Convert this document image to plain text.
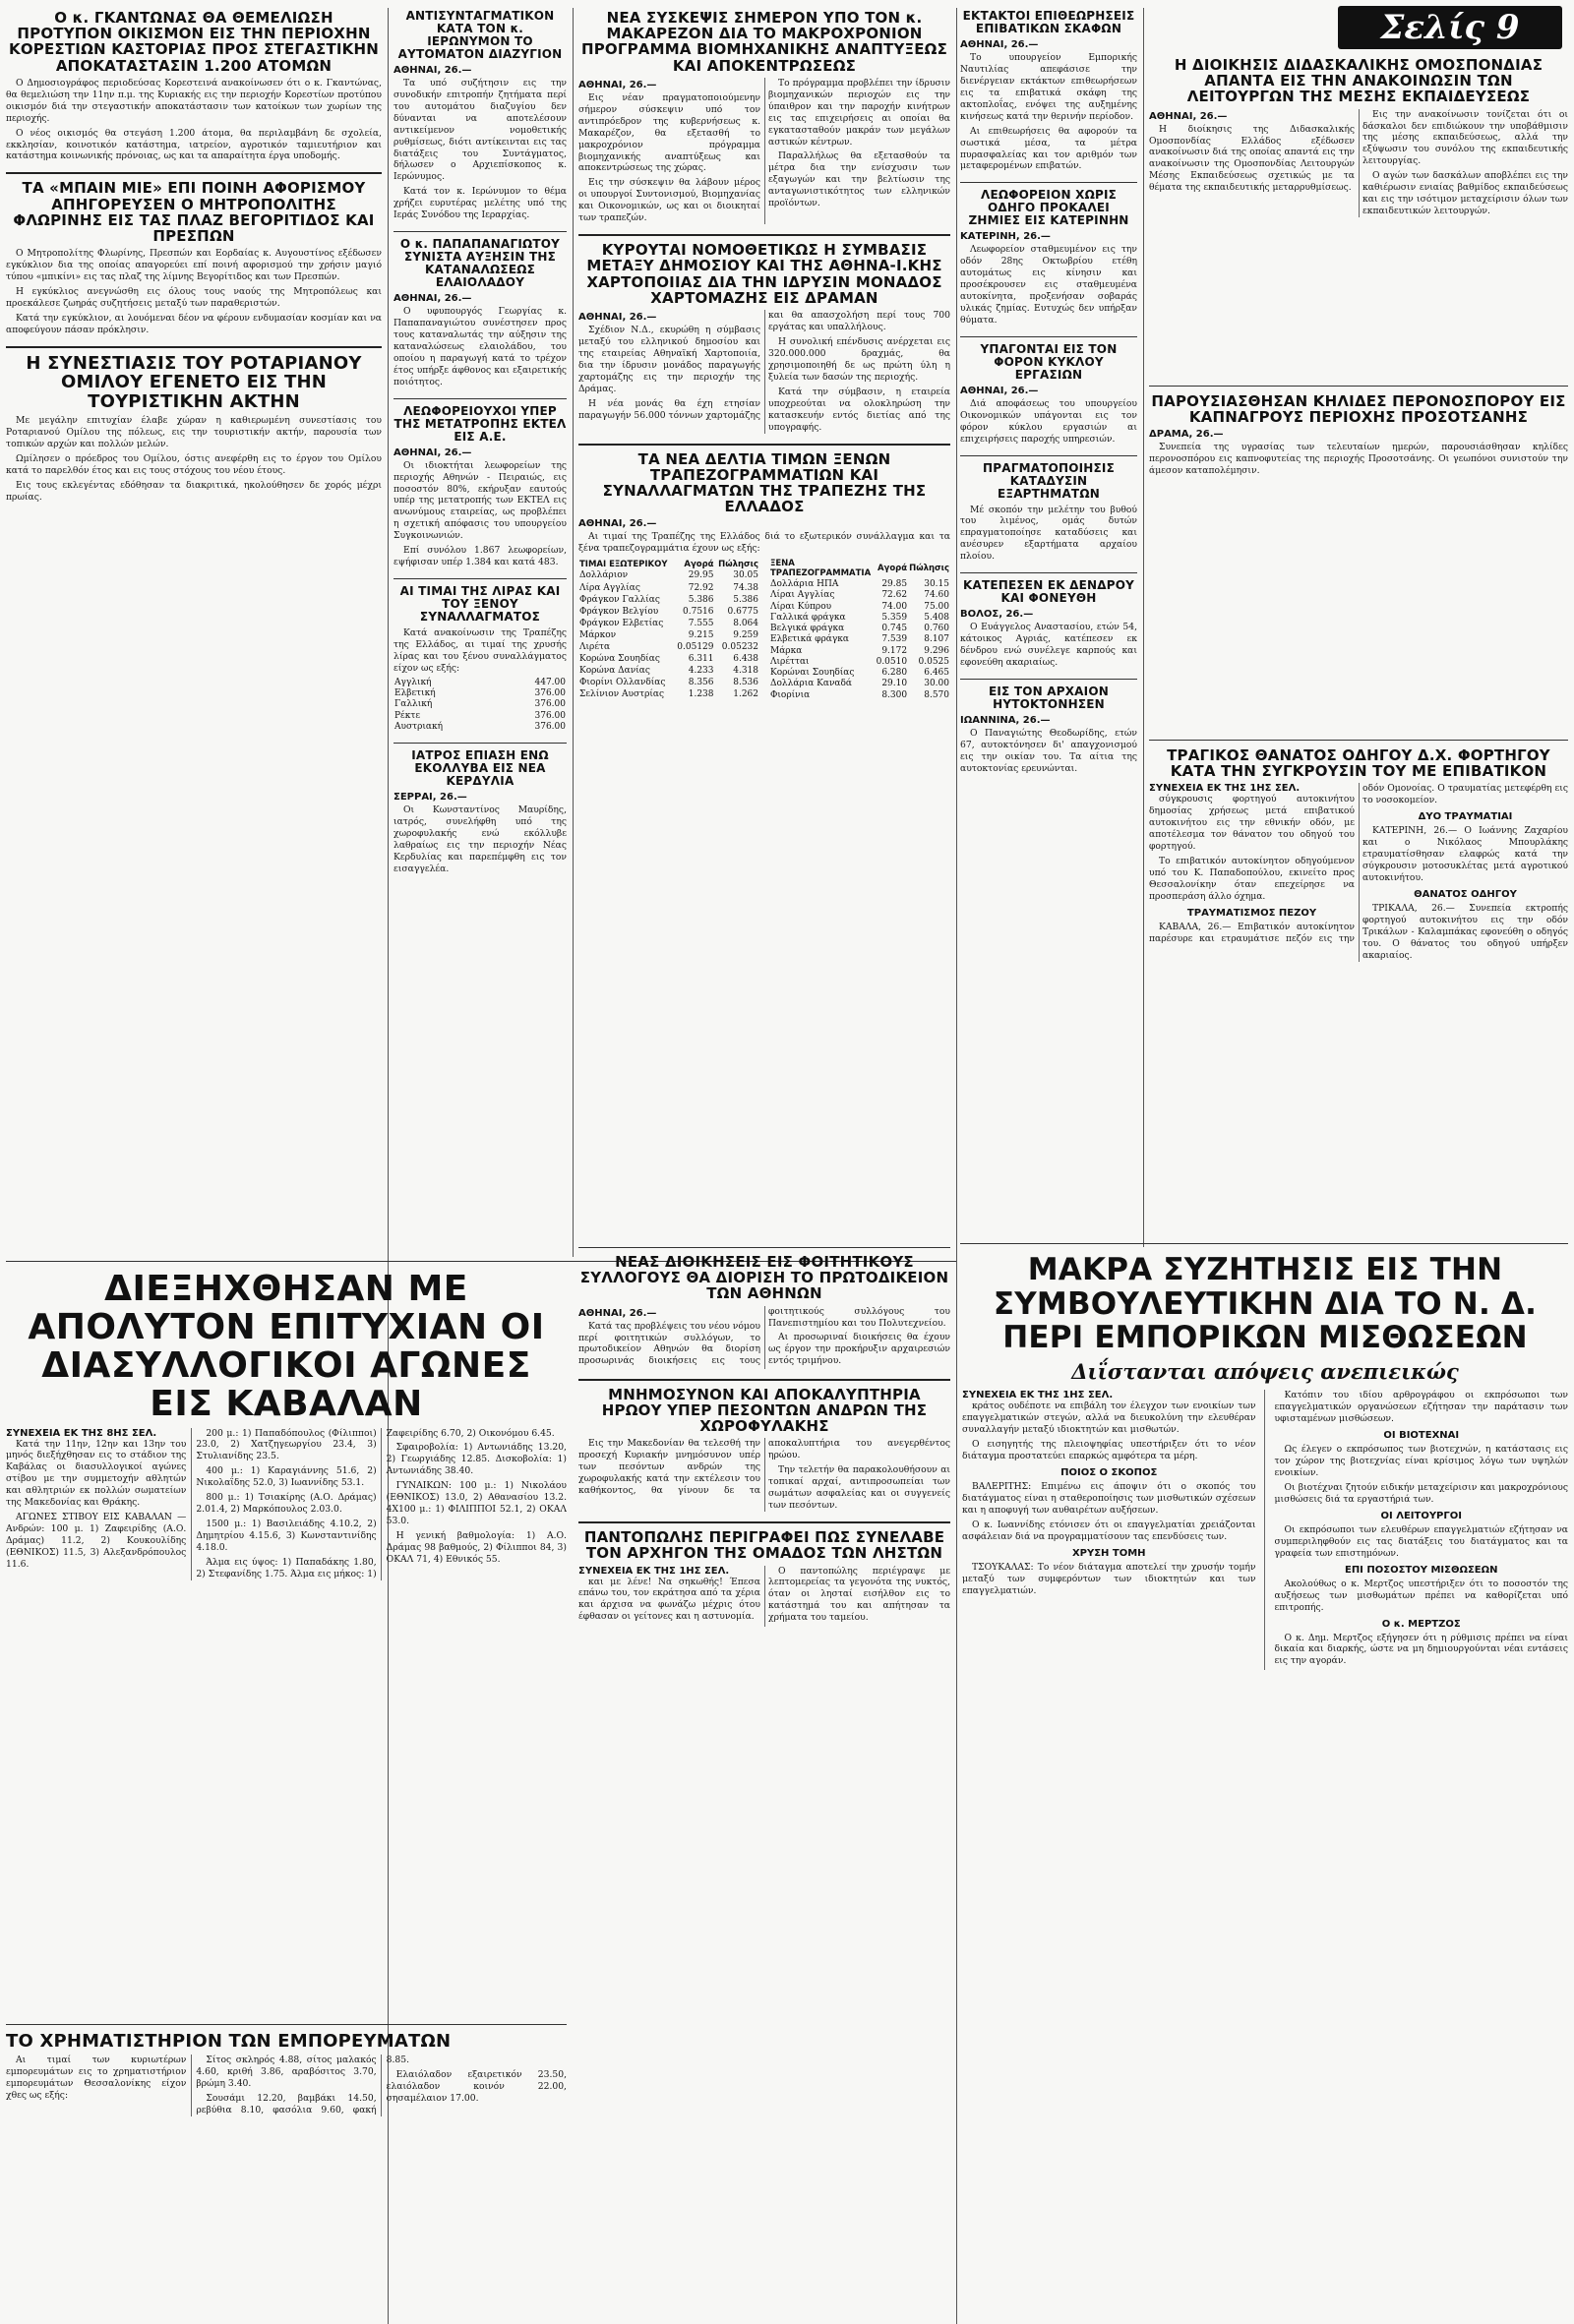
Σελίς 9
Ο κ. ΓΚΑΝΤΩΝΑΣ ΘΑ ΘΕΜΕΛΙΩΣΗ ΠΡΟΤΥΠΟΝ ΟΙΚΙΣΜΟΝ ΕΙΣ ΤΗΝ ΠΕΡΙΟΧΗΝ ΚΟΡΕΣΤΙΩΝ ΚΑΣΤΟΡΙΑΣ ΠΡΟΣ ΣΤΕΓΑΣΤΙΚΗΝ ΑΠΟΚΑΤΑΣΤΑΣΙΝ 1.200 ΑΤΟΜΩΝ

Ο Δημοσιογράφος περιοδεύσας Κορεστεινά ανακοίνωσεν ότι ο κ. Γκαντώνας, θα θεμελιώση την 11ην π.μ. της Κυριακής εις την περιοχήν Κορεστίων προτύπου οικισμόν διά την στεγαστικήν αποκατάστασιν των κατοίκων των χωρίων της περιοχής.

Ο νέος οικισμός θα στεγάση 1.200 άτομα, θα περιλαμβάνη δε σχολεία, εκκλησίαν, κοινοτικόν κατάστημα, ιατρείον, αγροτικόν ταμιευτήριον και κατάστημα κοινωνικής πρόνοιας, ως και τα απαραίτητα έργα υποδομής.

ΤΑ «ΜΠΑΙΝ ΜΙΕ» ΕΠΙ ΠΟΙΝΗ ΑΦΟΡΙΣΜΟΥ ΑΠΗΓΟΡΕΥΣΕΝ Ο ΜΗΤΡΟΠΟΛΙΤΗΣ ΦΛΩΡΙΝΗΣ ΕΙΣ ΤΑΣ ΠΛΑΖ ΒΕΓΟΡΙΤΙΔΟΣ ΚΑΙ ΠΡΕΣΠΩΝ

Ο Μητροπολίτης Φλωρίνης, Πρεσπών και Εορδαίας κ. Αυγουστίνος εξέδωσεν εγκύκλιον δια της οποίας απαγορεύει επί ποινή αφορισμού την χρήσιν μαγιό τύπου «μπικίνι» εις τας πλαζ της λίμνης Βεγορίτιδος και των Πρεσπών.

Η εγκύκλιος ανεγνώσθη εις όλους τους ναούς της Μητροπόλεως και προεκάλεσε ζωηράς συζητήσεις μεταξύ των παραθεριστών.

Κατά την εγκύκλιον, αι λουόμεναι δέον να φέρουν ενδυμασίαν κοσμίαν και να αποφεύγουν πάσαν πρόκλησιν.

Η ΣΥΝΕΣΤΙΑΣΙΣ ΤΟΥ ΡΟΤΑΡΙΑΝΟΥ ΟΜΙΛΟΥ ΕΓΕΝΕΤΟ ΕΙΣ ΤΗΝ ΤΟΥΡΙΣΤΙΚΗΝ ΑΚΤΗΝ

Με μεγάλην επιτυχίαν έλαβε χώραν η καθιερωμένη συνεστίασις του Ροταριανού Ομίλου της πόλεως, εις την τουριστικήν ακτήν, παρουσία των τοπικών αρχών και πολλών μελών.

Ωμίλησεν ο πρόεδρος του Ομίλου, όστις ανεφέρθη εις το έργον του Ομίλου κατά το παρελθόν έτος και εις τους στόχους του νέου έτους.

Εις τους εκλεγέντας εδόθησαν τα διακριτικά, ηκολούθησεν δε χορός μέχρι πρωίας.

ΑΝΤΙΣΥΝΤΑΓΜΑΤΙΚΟΝ ΚΑΤΑ ΤΟΝ κ. ΙΕΡΩΝΥΜΟΝ ΤΟ ΑΥΤΟΜΑΤΟΝ ΔΙΑΖΥΓΙΟΝ
ΑΘΗΝΑΙ, 26.—

Τα υπό συζήτησιν εις την συνοδικήν επιτροπήν ζητήματα περί του αυτομάτου διαζυγίου δεν δύνανται να αποτελέσουν αντικείμενον νομοθετικής ρυθμίσεως, διότι αντίκεινται εις τας διατάξεις του Συντάγματος, δήλωσεν ο Αρχιεπίσκοπος κ. Ιερώνυμος.

Κατά τον κ. Ιερώνυμον το θέμα χρήζει ευρυτέρας μελέτης υπό της Ιεράς Συνόδου της Ιεραρχίας.

Ο κ. ΠΑΠΑΠΑΝΑΓΙΩΤΟΥ ΣΥΝΙΣΤΑ ΑΥΞΗΣΙΝ ΤΗΣ ΚΑΤΑΝΑΛΩΣΕΩΣ ΕΛΑΙΟΛΑΔΟΥ
ΑΘΗΝΑΙ, 26.—

Ο υφυπουργός Γεωργίας κ. Παπαπαναγιώτου συνέστησεν προς τους καταναλωτάς την αύξησιν της καταναλώσεως ελαιολάδου, του οποίου η παραγωγή κατά το τρέχον έτος υπήρξε άφθονος και εξαιρετικής ποιότητος.

ΛΕΩΦΟΡΕΙΟΥΧΟΙ ΥΠΕΡ ΤΗΣ ΜΕΤΑΤΡΟΠΗΣ ΕΚΤΕΛ ΕΙΣ Α.Ε.
ΑΘΗΝΑΙ, 26.—

Οι ιδιοκτήται λεωφορείων της περιοχής Αθηνών - Πειραιώς, εις ποσοστόν 80%, εκήρυξαν εαυτούς υπέρ της μετατροπής των ΕΚΤΕΛ εις ανωνύμους εταιρείας, ως προβλέπει η σχετική απόφασις του υπουργείου Συγκοινωνιών.

Επί συνόλου 1.867 λεωφορείων, εψήφισαν υπέρ 1.384 και κατά 483.

ΑΙ ΤΙΜΑΙ ΤΗΣ ΛΙΡΑΣ ΚΑΙ ΤΟΥ ΞΕΝΟΥ ΣΥΝΑΛΛΑΓΜΑΤΟΣ

Κατά ανακοίνωσιν της Τραπέζης της Ελλάδος, αι τιμαί της χρυσής λίρας και του ξένου συναλλάγματος είχον ως εξής:

Αγγλική	447.00
Ελβετική	376.00
Γαλλική	376.00
Ρέκτε	376.00
Αυστριακή	376.00
ΙΑΤΡΟΣ ΕΠΙΑΣΗ ΕΝΩ ΕΚΟΛΛΥΒΑ ΕΙΣ ΝΕΑ ΚΕΡΔΥΛΙΑ
ΣΕΡΡΑΙ, 26.—

Οι Κωνσταντίνος Μαυρίδης, ιατρός, συνελήφθη υπό της χωροφυλακής ενώ εκόλλυβε λαθραίως εις την περιοχήν Νέας Κερδυλίας και παρεπέμφθη εις τον εισαγγελέα.

ΔΙΕΞΗΧΘΗΣΑΝ ΜΕ ΑΠΟΛΥΤΟΝ ΕΠΙΤΥΧΙΑΝ ΟΙ ΔΙΑΣΥΛΛΟΓΙΚΟΙ ΑΓΩΝΕΣ ΕΙΣ ΚΑΒΑΛΑΝ
ΣΥΝΕΧΕΙΑ ΕΚ ΤΗΣ 8ΗΣ ΣΕΛ.

Κατά την 11ην, 12ην και 13ην του μηνός διεξήχθησαν εις το στάδιον της Καβάλας οι διασυλλογικοί αγώνες στίβου με την συμμετοχήν αθλητών και αθλητριών εκ πολλών σωματείων της Μακεδονίας και Θράκης.

ΑΓΩΝΕΣ ΣΤΙΒΟΥ ΕΙΣ ΚΑΒΑΛΑΝ — Ανδρών: 100 μ. 1) Ζαφειρίδης (Α.Ο. Δράμας) 11.2, 2) Κουκουλίδης (ΕΘΝΙΚΟΣ) 11.5, 3) Αλεξανδρόπουλος 11.6.

200 μ.: 1) Παπαδόπουλος (Φίλιπποι) 23.0, 2) Χατζηγεωργίου 23.4, 3) Στυλιανίδης 23.5.

400 μ.: 1) Καραγιάννης 51.6, 2) Νικολαΐδης 52.0, 3) Ιωαννίδης 53.1.

800 μ.: 1) Τσιακίρης (Α.Ο. Δράμας) 2.01.4, 2) Μαρκόπουλος 2.03.0.

1500 μ.: 1) Βασιλειάδης 4.10.2, 2) Δημητρίου 4.15.6, 3) Κωνσταντινίδης 4.18.0.

Άλμα εις ύψος: 1) Παπαδάκης 1.80, 2) Στεφανίδης 1.75. Άλμα εις μήκος: 1) Ζαφειρίδης 6.70, 2) Οικονόμου 6.45.

Σφαιροβολία: 1) Αντωνιάδης 13.20, 2) Γεωργιάδης 12.85. Δισκοβολία: 1) Αντωνιάδης 38.40.

ΓΥΝΑΙΚΩΝ: 100 μ.: 1) Νικολάου (ΕΘΝΙΚΟΣ) 13.0, 2) Αθανασίου 13.2. 4Χ100 μ.: 1) ΦΙΛΙΠΠΟΙ 52.1, 2) ΟΚΑΛ 53.0.

Η γενική βαθμολογία: 1) Α.Ο. Δράμας 98 βαθμούς, 2) Φίλιπποι 84, 3) ΟΚΑΛ 71, 4) Εθνικός 55.

ΤΟ ΧΡΗΜΑΤΙΣΤΗΡΙΟΝ ΤΩΝ ΕΜΠΟΡΕΥΜΑΤΩΝ

Αι τιμαί των κυριωτέρων εμπορευμάτων εις το χρηματιστήριον εμπορευμάτων Θεσσαλονίκης είχον χθες ως εξής:

Σίτος σκληρός 4.88, σίτος μαλακός 4.60, κριθή 3.86, αραβόσιτος 3.70, βρώμη 3.40.

Σουσάμι 12.20, βαμβάκι 14.50, ρεβύθια 8.10, φασόλια 9.60, φακή 8.85.

Ελαιόλαδον εξαιρετικόν 23.50, ελαιόλαδον κοινόν 22.00, σησαμέλαιον 17.00.

ΝΕΑ ΣΥΣΚΕΨΙΣ ΣΗΜΕΡΟΝ ΥΠΟ ΤΟΝ κ. ΜΑΚΑΡΕΖΟΝ ΔΙΑ ΤΟ ΜΑΚΡΟΧΡΟΝΙΟΝ ΠΡΟΓΡΑΜΜΑ ΒΙΟΜΗΧΑΝΙΚΗΣ ΑΝΑΠΤΥΞΕΩΣ ΚΑΙ ΑΠΟΚΕΝΤΡΩΣΕΩΣ
ΑΘΗΝΑΙ, 26.—

Εις νέαν πραγματοποιούμενην σήμερον σύσκεψιν υπό τον αντιπρόεδρον της κυβερνήσεως κ. Μακαρέζον, θα εξετασθή το μακροχρόνιον πρόγραμμα βιομηχανικής αναπτύξεως και αποκεντρώσεως της χώρας.

Εις την σύσκεψιν θα λάβουν μέρος οι υπουργοί Συντονισμού, Βιομηχανίας και Οικονομικών, ως και οι διοικηταί των τραπεζών.

Το πρόγραμμα προβλέπει την ίδρυσιν βιομηχανικών περιοχών εις την ύπαιθρον και την παροχήν κινήτρων εις τας επιχειρήσεις αι οποίαι θα εγκατασταθούν μακράν των μεγάλων αστικών κέντρων.

Παραλλήλως θα εξετασθούν τα μέτρα δια την ενίσχυσιν των εξαγωγών και την βελτίωσιν της ανταγωνιστικότητος των ελληνικών προϊόντων.

ΚΥΡΟΥΤΑΙ ΝΟΜΟΘΕΤΙΚΩΣ Η ΣΥΜΒΑΣΙΣ ΜΕΤΑΞΥ ΔΗΜΟΣΙΟΥ ΚΑΙ ΤΗΣ ΑΘΗΝΑ-Ι.ΚΗΣ ΧΑΡΤΟΠΟΙΙΑΣ ΔΙΑ ΤΗΝ ΙΔΡΥΣΙΝ ΜΟΝΑΔΟΣ ΧΑΡΤΟΜΑΖΗΣ ΕΙΣ ΔΡΑΜΑΝ
ΑΘΗΝΑΙ, 26.—

Σχέδιον Ν.Δ., εκυρώθη η σύμβασις μεταξύ του ελληνικού δημοσίου και της εταιρείας Αθηναϊκή Χαρτοποιία, δια την ίδρυσιν μονάδος παραγωγής χαρτομάζης εις την περιοχήν της Δράμας.

Η νέα μονάς θα έχη ετησίαν παραγωγήν 56.000 τόννων χαρτομάζης και θα απασχολήση περί τους 700 εργάτας και υπαλλήλους.

Η συνολική επένδυσις ανέρχεται εις 320.000.000 δραχμάς, θα χρησιμοποιηθή δε ως πρώτη ύλη η ξυλεία των δασών της περιοχής.

Κατά την σύμβασιν, η εταιρεία υποχρεούται να ολοκληρώση την κατασκευήν εντός διετίας από της υπογραφής.

ΤΑ ΝΕΑ ΔΕΛΤΙΑ ΤΙΜΩΝ ΞΕΝΩΝ ΤΡΑΠΕΖΟΓΡΑΜΜΑΤΙΩΝ ΚΑΙ ΣΥΝΑΛΛΑΓΜΑΤΩΝ ΤΗΣ ΤΡΑΠΕΖΗΣ ΤΗΣ ΕΛΛΑΔΟΣ
ΑΘΗΝΑΙ, 26.—

Αι τιμαί της Τραπέζης της Ελλάδος διά το εξωτερικόν συνάλλαγμα και τα ξένα τραπεζογραμμάτια έχουν ως εξής:

ΤΙΜΑΙ ΕΞΩΤΕΡΙΚΟΥ	Αγορά	Πώλησις
Δολλάριον	29.95	30.05
Λίρα Αγγλίας	72.92	74.38
Φράγκον Γαλλίας	5.386	5.386
Φράγκον Βελγίου	0.7516	0.6775
Φράγκον Ελβετίας	7.555	8.064
Μάρκον	9.215	9.259
Λιρέτα	0.05129	0.05232
Κορώνα Σουηδίας	6.311	6.438
Κορώνα Δανίας	4.233	4.318
Φιορίνι Ολλανδίας	8.356	8.536
Σελίνιον Αυστρίας	1.238	1.262
ΞΕΝΑ ΤΡΑΠΕΖΟΓΡΑΜΜΑΤΙΑ	Αγορά	Πώλησις
Δολλάρια ΗΠΑ	29.85	30.15
Λίραι Αγγλίας	72.62	74.60
Λίραι Κύπρου	74.00	75.00
Γαλλικά φράγκα	5.359	5.408
Βελγικά φράγκα	0.745	0.760
Ελβετικά φράγκα	7.539	8.107
Μάρκα	9.172	9.296
Λιρέτται	0.0510	0.0525
Κορώναι Σουηδίας	6.280	6.465
Δολλάρια Καναδά	29.10	30.00
Φιορίνια	8.300	8.570
ΕΚΤΑΚΤΟΙ ΕΠΙΘΕΩΡΗΣΕΙΣ ΕΠΙΒΑΤΙΚΩΝ ΣΚΑΦΩΝ
ΑΘΗΝΑΙ, 26.—

Το υπουργείον Εμπορικής Ναυτιλίας απεφάσισε την διενέργειαν εκτάκτων επιθεωρήσεων εις τα επιβατικά σκάφη της ακτοπλοΐας, ενόψει της αυξημένης κινήσεως κατά την θερινήν περίοδον.

Αι επιθεωρήσεις θα αφορούν τα σωστικά μέσα, τα μέτρα πυρασφαλείας και τον αριθμόν των μεταφερομένων επιβατών.

ΛΕΩΦΟΡΕΙΟΝ ΧΩΡΙΣ ΟΔΗΓΟ ΠΡΟΚΑΛΕΙ ΖΗΜΙΕΣ ΕΙΣ ΚΑΤΕΡΙΝΗΝ
ΚΑΤΕΡΙΝΗ, 26.—

Λεωφορείον σταθμευμένον εις την οδόν 28ης Οκτωβρίου ετέθη αυτομάτως εις κίνησιν και προσέκρουσεν εις σταθμευμένα αυτοκίνητα, προξενήσαν σοβαράς υλικάς ζημίας. Ευτυχώς δεν υπήρξαν θύματα.

ΥΠΑΓΟΝΤΑΙ ΕΙΣ ΤΟΝ ΦΟΡΟΝ ΚΥΚΛΟΥ ΕΡΓΑΣΙΩΝ
ΑΘΗΝΑΙ, 26.—

Διά αποφάσεως του υπουργείου Οικονομικών υπάγονται εις τον φόρον κύκλου εργασιών αι επιχειρήσεις παροχής υπηρεσιών.

ΠΡΑΓΜΑΤΟΠΟΙΗΣΙΣ ΚΑΤΑΔΥΣΙΝ ΕΞΑΡΤΗΜΑΤΩΝ

Μέ σκοπόν την μελέτην του βυθού του λιμένος, ομάς δυτών επραγματοποίησε καταδύσεις και ανέσυρεν εξαρτήματα αρχαίου πλοίου.

ΚΑΤΕΠΕΣΕΝ ΕΚ ΔΕΝΔΡΟΥ ΚΑΙ ΦΟΝΕΥΘΗ
ΒΟΛΟΣ, 26.—

Ο Ευάγγελος Αναστασίου, ετών 54, κάτοικος Αγριάς, κατέπεσεν εκ δένδρου ενώ συνέλεγε καρπούς και εφονεύθη ακαριαίως.

ΕΙΣ ΤΟΝ ΑΡΧΑΙΟΝ ΗΥΤΟΚΤΟΝΗΣΕΝ
ΙΩΑΝΝΙΝΑ, 26.—

Ο Παναγιώτης Θεοδωρίδης, ετών 67, αυτοκτόνησεν δι' απαγχονισμού εις την οικίαν του. Τα αίτια της αυτοκτονίας ερευνώνται.

ΝΕΑΣ ΔΙΟΙΚΗΣΕΙΣ ΕΙΣ ΦΟΙΤΗΤΙΚΟΥΣ ΣΥΛΛΟΓΟΥΣ ΘΑ ΔΙΟΡΙΣΗ ΤΟ ΠΡΩΤΟΔΙΚΕΙΟΝ ΤΩΝ ΑΘΗΝΩΝ
ΑΘΗΝΑΙ, 26.—

Κατά τας προβλέψεις του νέου νόμου περί φοιτητικών συλλόγων, το πρωτοδικείον Αθηνών θα διορίση προσωρινάς διοικήσεις εις τους φοιτητικούς συλλόγους του Πανεπιστημίου και του Πολυτεχνείου.

Αι προσωριναί διοικήσεις θα έχουν ως έργον την προκήρυξιν αρχαιρεσιών εντός τριμήνου.

ΜΝΗΜΟΣΥΝΟΝ ΚΑΙ ΑΠΟΚΑΛΥΠΤΗΡΙΑ ΗΡΩΟΥ ΥΠΕΡ ΠΕΣΟΝΤΩΝ ΑΝΔΡΩΝ ΤΗΣ ΧΩΡΟΦΥΛΑΚΗΣ

Εις την Μακεδονίαν θα τελεσθή την προσεχή Κυριακήν μνημόσυνον υπέρ των πεσόντων ανδρών της χωροφυλακής κατά την εκτέλεσιν του καθήκοντος, θα γίνουν δε τα αποκαλυπτήρια του ανεγερθέντος ηρώου.

Την τελετήν θα παρακολουθήσουν αι τοπικαί αρχαί, αντιπροσωπείαι των σωμάτων ασφαλείας και οι συγγενείς των πεσόντων.

ΠΑΝΤΟΠΩΛΗΣ ΠΕΡΙΓΡΑΦΕΙ ΠΩΣ ΣΥΝΕΛΑΒΕ ΤΟΝ ΑΡΧΗΓΟΝ ΤΗΣ ΟΜΑΔΟΣ ΤΩΝ ΛΗΣΤΩΝ
ΣΥΝΕΧΕΙΑ ΕΚ ΤΗΣ 1ΗΣ ΣΕΛ.

και με λένε! Να σηκωθής! Έπεσα επάνω του, τον εκράτησα από τα χέρια και άρχισα να φωνάζω μέχρις ότου έφθασαν οι γείτονες και η αστυνομία.

Ο παντοπώλης περιέγραψε με λεπτομερείας τα γεγονότα της νυκτός, όταν οι λησταί εισήλθον εις το κατάστημά του και απήτησαν τα χρήματα του ταμείου.

Η ΔΙΟΙΚΗΣΙΣ ΔΙΔΑΣΚΑΛΙΚΗΣ ΟΜΟΣΠΟΝΔΙΑΣ ΑΠΑΝΤΑ ΕΙΣ ΤΗΝ ΑΝΑΚΟΙΝΩΣΙΝ ΤΩΝ ΛΕΙΤΟΥΡΓΩΝ ΤΗΣ ΜΕΣΗΣ ΕΚΠΑΙΔΕΥΣΕΩΣ
ΑΘΗΝΑΙ, 26.—

Η διοίκησις της Διδασκαλικής Ομοσπονδίας Ελλάδος εξέδωσεν ανακοίνωσιν διά της οποίας απαντά εις την ανακοίνωσιν της Ομοσπονδίας Λειτουργών Μέσης Εκπαιδεύσεως σχετικώς με τα θέματα της εκπαιδευτικής μεταρρυθμίσεως.

Εις την ανακοίνωσιν τονίζεται ότι οι δάσκαλοι δεν επιδιώκουν την υποβάθμισιν της μέσης εκπαιδεύσεως, αλλά την εξύψωσιν του συνόλου της εκπαιδευτικής λειτουργίας.

Ο αγών των δασκάλων αποβλέπει εις την καθιέρωσιν ενιαίας βαθμίδος εκπαιδεύσεως και εις την ισότιμον μεταχείρισιν όλων των εκπαιδευτικών λειτουργών.

ΠΑΡΟΥΣΙΑΣΘΗΣΑΝ ΚΗΛΙΔΕΣ ΠΕΡΟΝΟΣΠΟΡΟΥ ΕΙΣ ΚΑΠΝΑΓΡΟΥΣ ΠΕΡΙΟΧΗΣ ΠΡΟΣΟΤΣΑΝΗΣ
ΔΡΑΜΑ, 26.—

Συνεπεία της υγρασίας των τελευταίων ημερών, παρουσιάσθησαν κηλίδες περονοσπόρου εις καπνοφυτείας της περιοχής Προσοτσάνης. Οι γεωπόνοι συνιστούν την άμεσον καταπολέμησιν.

ΤΡΑΓΙΚΟΣ ΘΑΝΑΤΟΣ ΟΔΗΓΟΥ Δ.Χ. ΦΟΡΤΗΓΟΥ ΚΑΤΑ ΤΗΝ ΣΥΓΚΡΟΥΣΙΝ ΤΟΥ ΜΕ ΕΠΙΒΑΤΙΚΟΝ
ΣΥΝΕΧΕΙΑ ΕΚ ΤΗΣ 1ΗΣ ΣΕΛ.

σύγκρουσις φορτηγού αυτοκινήτου δημοσίας χρήσεως μετά επιβατικού αυτοκινήτου εις την εθνικήν οδόν, με αποτέλεσμα τον θάνατον του οδηγού του φορτηγού.

Το επιβατικόν αυτοκίνητον οδηγούμενον υπό του Κ. Παπαδοπούλου, εκινείτο προς Θεσσαλονίκην όταν επεχείρησε να προσπεράση άλλο όχημα.

ΤΡΑΥΜΑΤΙΣΜΟΣ ΠΕΖΟΥ

ΚΑΒΑΛΑ, 26.— Επιβατικόν αυτοκίνητον παρέσυρε και ετραυμάτισε πεζόν εις την οδόν Ομονοίας. Ο τραυματίας μετεφέρθη εις το νοσοκομείον.

ΔΥΟ ΤΡΑΥΜΑΤΙΑΙ

ΚΑΤΕΡΙΝΗ, 26.— Ο Ιωάννης Ζαχαρίου και ο Νικόλαος Μπουρλάκης ετραυματίσθησαν ελαφρώς κατά την σύγκρουσιν μοτοσυκλέτας μετά αγροτικού αυτοκινήτου.

ΘΑΝΑΤΟΣ ΟΔΗΓΟΥ

ΤΡΙΚΑΛΑ, 26.— Συνεπεία εκτροπής φορτηγού αυτοκινήτου εις την οδόν Τρικάλων - Καλαμπάκας εφονεύθη ο οδηγός του. Ο θάνατος του οδηγού υπήρξεν ακαριαίος.

ΜΑΚΡΑ ΣΥΖΗΤΗΣΙΣ ΕΙΣ ΤΗΝ ΣΥΜΒΟΥΛΕΥΤΙΚΗΝ ΔΙΑ ΤΟ Ν. Δ. ΠΕΡΙ ΕΜΠΟΡΙΚΩΝ ΜΙΣΘΩΣΕΩΝ
Διΐστανται απόψεις ανεπιεικώς
ΣΥΝΕΧΕΙΑ ΕΚ ΤΗΣ 1ΗΣ ΣΕΛ.

κράτος ουδέποτε να επιβάλη τον έλεγχον των ενοικίων των επαγγελματικών στεγών, αλλά να διευκολύνη την ελευθέραν συναλλαγήν μεταξύ ιδιοκτητών και μισθωτών.

Ο εισηγητής της πλειοψηφίας υπεστήριξεν ότι το νέον διάταγμα προστατεύει επαρκώς αμφότερα τα μέρη.

ΠΟΙΟΣ Ο ΣΚΟΠΟΣ

ΒΑΛΕΡΙΤΗΣ: Επιμένω εις άποψιν ότι ο σκοπός του διατάγματος είναι η σταθεροποίησις των μισθωτικών σχέσεων και η αποφυγή των αυθαιρέτων αυξήσεων.

Ο κ. Ιωαννίδης ετόνισεν ότι οι επαγγελματίαι χρειάζονται ασφάλειαν διά να προγραμματίσουν τας επενδύσεις των.

ΧΡΥΣΗ ΤΟΜΗ

ΤΣΟΥΚΑΛΑΣ: Το νέον διάταγμα αποτελεί την χρυσήν τομήν μεταξύ των συμφερόντων των ιδιοκτητών και των επαγγελματιών.

Κατόπιν του ιδίου αρθρογράφου οι εκπρόσωποι των επαγγελματικών οργανώσεων εζήτησαν την παράτασιν των υφισταμένων μισθώσεων.

ΟΙ ΒΙΟΤΕΧΝΑΙ

Ως έλεγεν ο εκπρόσωπος των βιοτεχνών, η κατάστασις εις τον χώρον της βιοτεχνίας είναι κρίσιμος λόγω των υψηλών ενοικίων.

Οι βιοτέχναι ζητούν ειδικήν μεταχείρισιν και μακροχρόνιους μισθώσεις διά τα εργαστήριά των.

ΟΙ ΛΕΙΤΟΥΡΓΟΙ

Οι εκπρόσωποι των ελευθέρων επαγγελματιών εζήτησαν να συμπεριληφθούν εις τας διατάξεις του διατάγματος και τα γραφεία των επιστημόνων.

ΕΠΙ ΠΟΣΟΣΤΟΥ ΜΙΣΘΩΣΕΩΝ

Ακολούθως ο κ. Μερτζος υπεστήριξεν ότι το ποσοστόν της αυξήσεως των μισθωμάτων πρέπει να καθορίζεται υπό επιτροπής.

Ο κ. ΜΕΡΤΖΟΣ

Ο κ. Δημ. Μερτζος εξήγησεν ότι η ρύθμισις πρέπει να είναι δικαία και διαρκής, ώστε να μη δημιουργούνται νέαι εντάσεις εις την αγοράν.
